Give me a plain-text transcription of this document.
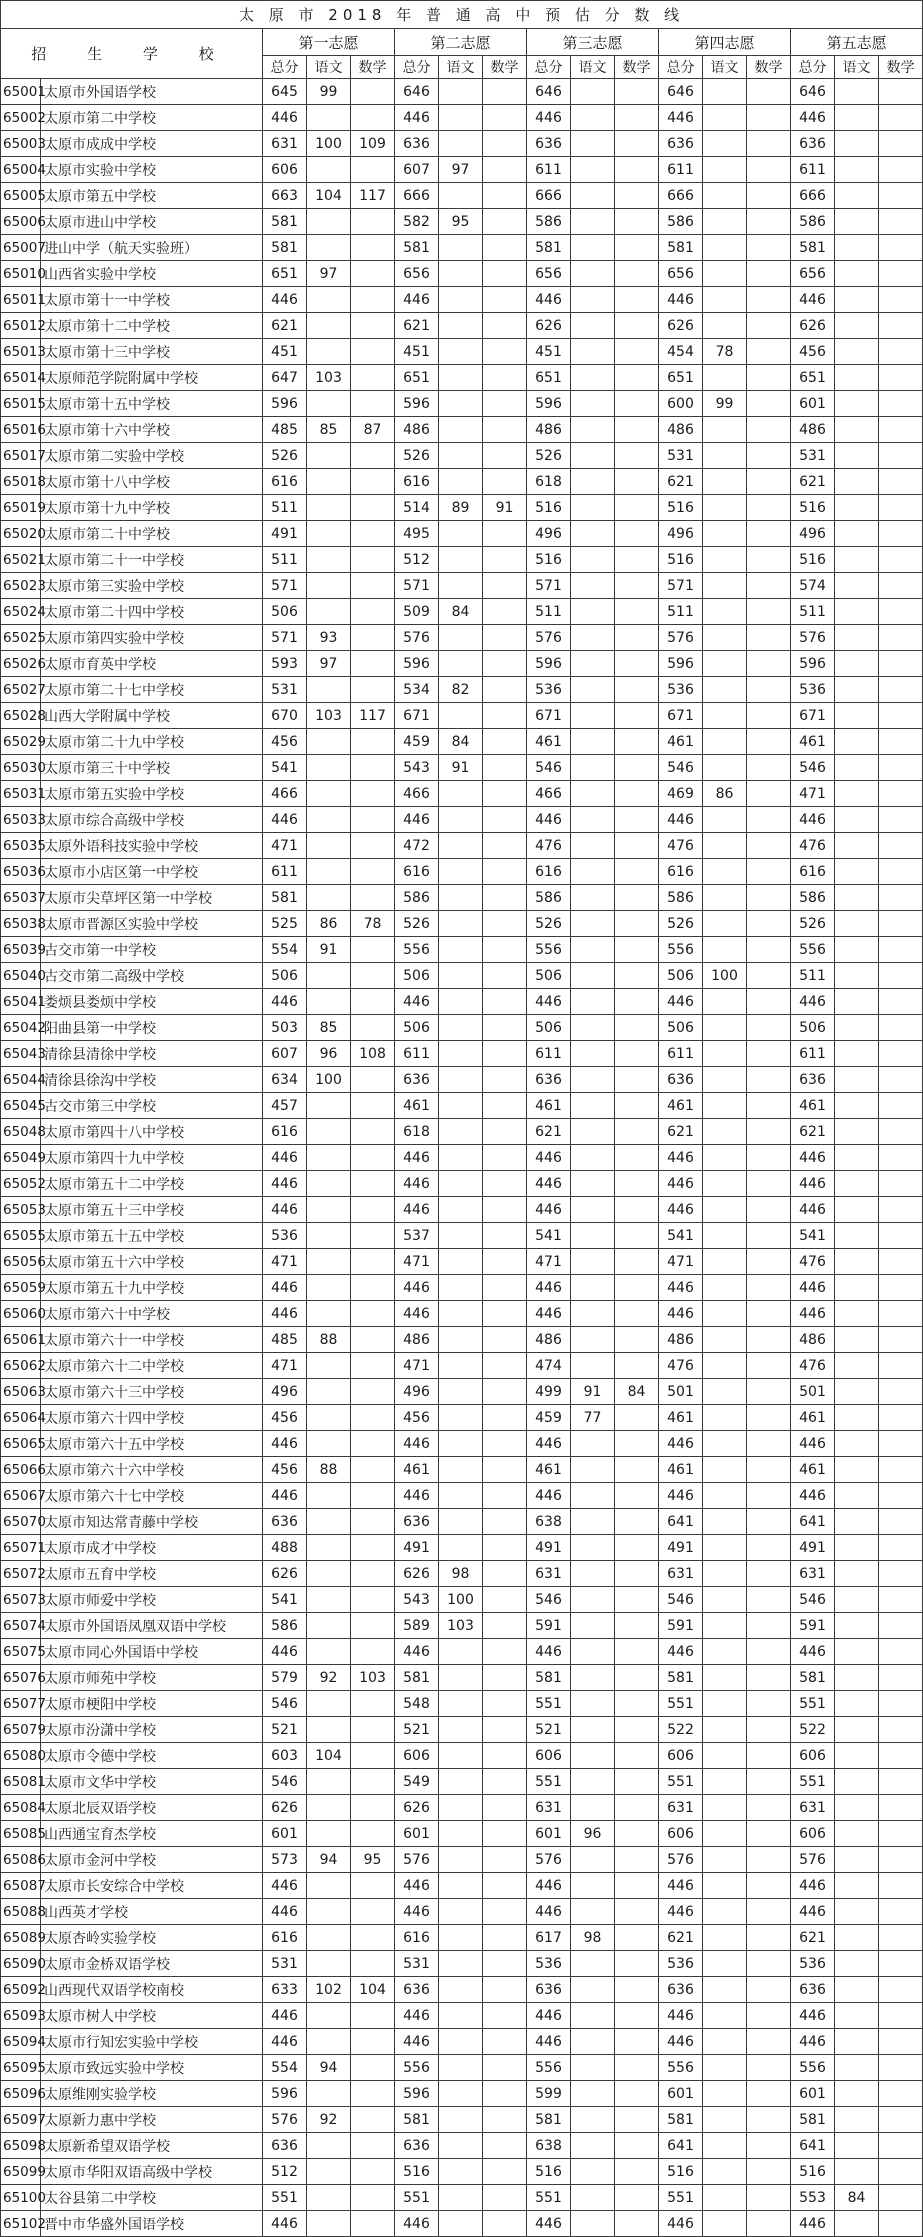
太 原 市 2018 年 普 通 高 中 预 估 分 数 线																
招 生 学 校		第一志愿			第二志愿			第三志愿			第四志愿			第五志愿		
		总分	语文	数学	总分	语文	数学	总分	语文	数学	总分	语文	数学	总分	语文	数学
65001	太原市外国语学校	645	99		646			646			646			646		
65002	太原市第二中学校	446			446			446			446			446		
65003	太原市成成中学校	631	100	109	636			636			636			636		
65004	太原市实验中学校	606			607	97		611			611			611		
65005	太原市第五中学校	663	104	117	666			666			666			666		
65006	太原市进山中学校	581			582	95		586			586			586		
65007	进山中学（航天实验班）	581			581			581			581			581		
65010	山西省实验中学校	651	97		656			656			656			656		
65011	太原市第十一中学校	446			446			446			446			446		
65012	太原市第十二中学校	621			621			626			626			626		
65013	太原市第十三中学校	451			451			451			454	78		456		
65014	太原师范学院附属中学校	647	103		651			651			651			651		
65015	太原市第十五中学校	596			596			596			600	99		601		
65016	太原市第十六中学校	485	85	87	486			486			486			486		
65017	太原市第二实验中学校	526			526			526			531			531		
65018	太原市第十八中学校	616			616			618			621			621		
65019	太原市第十九中学校	511			514	89	91	516			516			516		
65020	太原市第二十中学校	491			495			496			496			496		
65021	太原市第二十一中学校	511			512			516			516			516		
65023	太原市第三实验中学校	571			571			571			571			574		
65024	太原市第二十四中学校	506			509	84		511			511			511		
65025	太原市第四实验中学校	571	93		576			576			576			576		
65026	太原市育英中学校	593	97		596			596			596			596		
65027	太原市第二十七中学校	531			534	82		536			536			536		
65028	山西大学附属中学校	670	103	117	671			671			671			671		
65029	太原市第二十九中学校	456			459	84		461			461			461		
65030	太原市第三十中学校	541			543	91		546			546			546		
65031	太原市第五实验中学校	466			466			466			469	86		471		
65033	太原市综合高级中学校	446			446			446			446			446		
65035	太原外语科技实验中学校	471			472			476			476			476		
65036	太原市小店区第一中学校	611			616			616			616			616		
65037	太原市尖草坪区第一中学校	581			586			586			586			586		
65038	太原市晋源区实验中学校	525	86	78	526			526			526			526		
65039	古交市第一中学校	554	91		556			556			556			556		
65040	古交市第二高级中学校	506			506			506			506	100		511		
65041	娄烦县娄烦中学校	446			446			446			446			446		
65042	阳曲县第一中学校	503	85		506			506			506			506		
65043	清徐县清徐中学校	607	96	108	611			611			611			611		
65044	清徐县徐沟中学校	634	100		636			636			636			636		
65045	古交市第三中学校	457			461			461			461			461		
65048	太原市第四十八中学校	616			618			621			621			621		
65049	太原市第四十九中学校	446			446			446			446			446		
65052	太原市第五十二中学校	446			446			446			446			446		
65053	太原市第五十三中学校	446			446			446			446			446		
65055	太原市第五十五中学校	536			537			541			541			541		
65056	太原市第五十六中学校	471			471			471			471			476		
65059	太原市第五十九中学校	446			446			446			446			446		
65060	太原市第六十中学校	446			446			446			446			446		
65061	太原市第六十一中学校	485	88		486			486			486			486		
65062	太原市第六十二中学校	471			471			474			476			476		
65063	太原市第六十三中学校	496			496			499	91	84	501			501		
65064	太原市第六十四中学校	456			456			459	77		461			461		
65065	太原市第六十五中学校	446			446			446			446			446		
65066	太原市第六十六中学校	456	88		461			461			461			461		
65067	太原市第六十七中学校	446			446			446			446			446		
65070	太原市知达常青藤中学校	636			636			638			641			641		
65071	太原市成才中学校	488			491			491			491			491		
65072	太原市五育中学校	626			626	98		631			631			631		
65073	太原市师爱中学校	541			543	100		546			546			546		
65074	太原市外国语凤凰双语中学校	586			589	103		591			591			591		
65075	太原市同心外国语中学校	446			446			446			446			446		
65076	太原市师苑中学校	579	92	103	581			581			581			581		
65077	太原市梗阳中学校	546			548			551			551			551		
65079	太原市汾潇中学校	521			521			521			522			522		
65080	太原市令德中学校	603	104		606			606			606			606		
65081	太原市文华中学校	546			549			551			551			551		
65084	太原北辰双语学校	626			626			631			631			631		
65085	山西通宝育杰学校	601			601			601	96		606			606		
65086	太原市金河中学校	573	94	95	576			576			576			576		
65087	太原市长安综合中学校	446			446			446			446			446		
65088	山西英才学校	446			446			446			446			446		
65089	太原杏岭实验学校	616			616			617	98		621			621		
65090	太原市金桥双语学校	531			531			536			536			536		
65092	山西现代双语学校南校	633	102	104	636			636			636			636		
65093	太原市树人中学校	446			446			446			446			446		
65094	太原市行知宏实验中学校	446			446			446			446			446		
65095	太原市致远实验中学校	554	94		556			556			556			556		
65096	太原维刚实验学校	596			596			599			601			601		
65097	太原新力惠中学校	576	92		581			581			581			581		
65098	太原新希望双语学校	636			636			638			641			641		
65099	太原市华阳双语高级中学校	512			516			516			516			516		
65100	太谷县第二中学校	551			551			551			551			553	84	
65102	晋中市华盛外国语学校	446			446			446			446			446		
